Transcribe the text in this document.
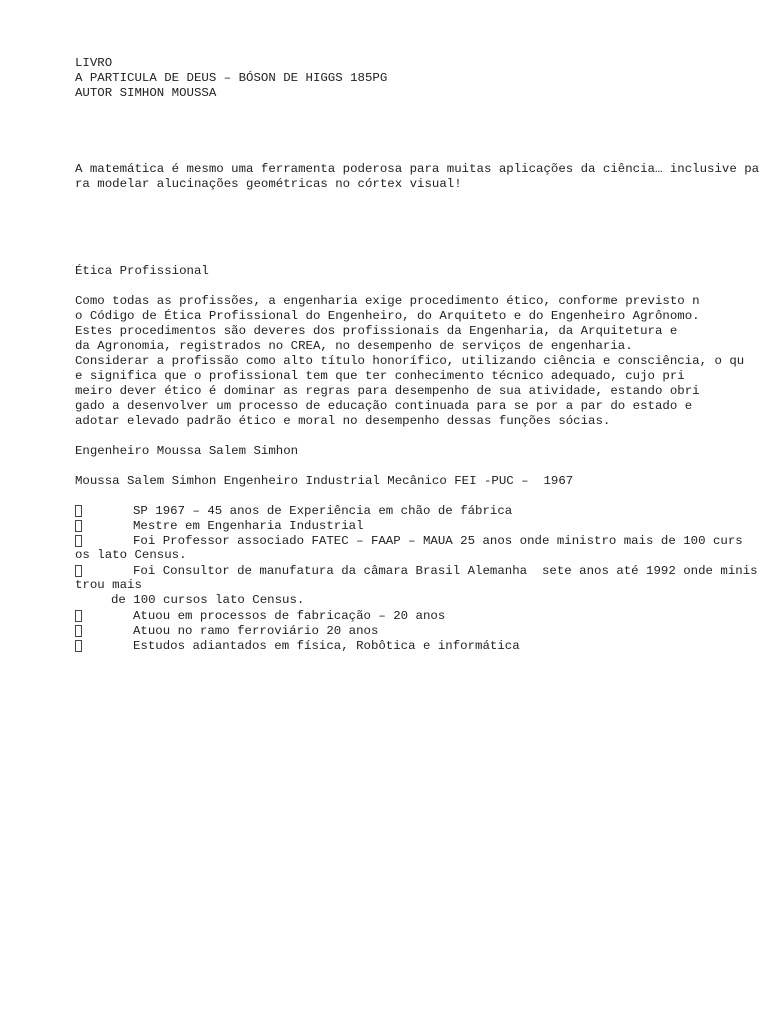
LIVRO
A PARTICULA DE DEUS – BÓSON DE HIGGS 185PG
AUTOR SIMHON MOUSSA
A matemática é mesmo uma ferramenta poderosa para muitas aplicações da ciência… inclusive pa
ra modelar alucinações geométricas no córtex visual!
Ética Profissional
Como todas as profissões, a engenharia exige procedimento ético, conforme previsto n
o Código de Ética Profissional do Engenheiro, do Arquiteto e do Engenheiro Agrônomo.
Estes procedimentos são deveres dos profissionais da Engenharia, da Arquitetura e
da Agronomia, registrados no CREA, no desempenho de serviços de engenharia.
Considerar a profissão como alto título honorífico, utilizando ciência e consciência, o qu
e significa que o profissional tem que ter conhecimento técnico adequado, cujo pri
meiro dever ético é dominar as regras para desempenho de sua atividade, estando obri
gado a desenvolver um processo de educação continuada para se por a par do estado e
adotar elevado padrão ético e moral no desempenho dessas funções sócias.
Engenheiro Moussa Salem Simhon
Moussa Salem Simhon Engenheiro Industrial Mecânico FEI -PUC –  1967
SP 1967 – 45 anos de Experiência em chão de fábrica
Mestre em Engenharia Industrial
Foi Professor associado FATEC – FAAP – MAUA 25 anos onde ministro mais de 100 curs
os lato Census.
Foi Consultor de manufatura da câmara Brasil Alemanha  sete anos até 1992 onde minis
trou mais
de 100 cursos lato Census.
Atuou em processos de fabricação – 20 anos
Atuou no ramo ferroviário 20 anos
Estudos adiantados em física, Robôtica e informática
